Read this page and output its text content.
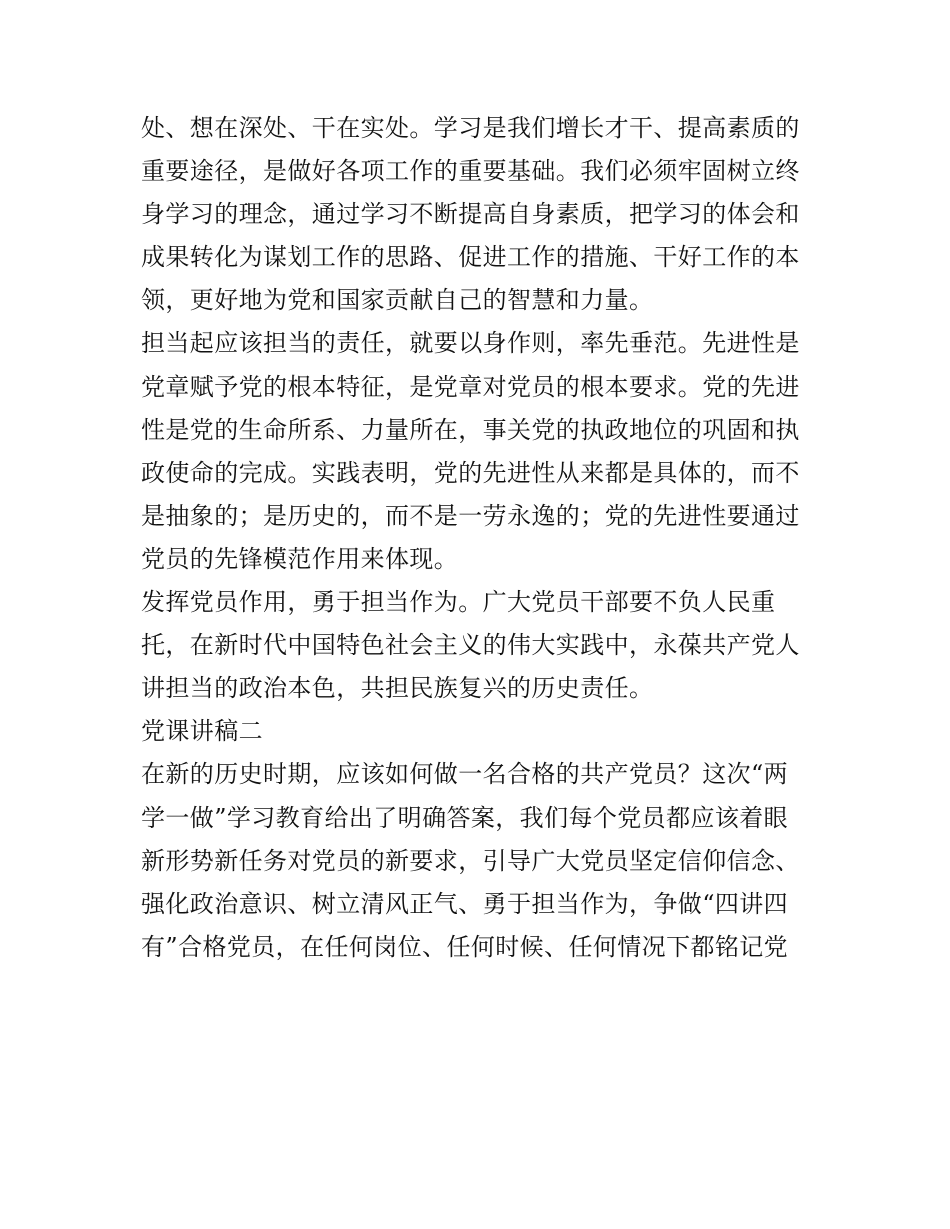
处、想在深处、干在实处。学习是我们增长才干、提高素质的
重要途径，是做好各项工作的重要基础。我们必须牢固树立终
身学习的理念，通过学习不断提高自身素质，把学习的体会和
成果转化为谋划工作的思路、促进工作的措施、干好工作的本
领，更好地为党和国家贡献自己的智慧和力量。
担当起应该担当的责任，就要以身作则，率先垂范。先进性是
党章赋予党的根本特征，是党章对党员的根本要求。党的先进
性是党的生命所系、力量所在，事关党的执政地位的巩固和执
政使命的完成。实践表明，党的先进性从来都是具体的，而不
是抽象的；是历史的，而不是一劳永逸的；党的先进性要通过
党员的先锋模范作用来体现。
发挥党员作用，勇于担当作为。广大党员干部要不负人民重
托，在新时代中国特色社会主义的伟大实践中，永葆共产党人
讲担当的政治本色，共担民族复兴的历史责任。
党课讲稿二
在新的历史时期，应该如何做一名合格的共产党员？这次“两
学一做”学习教育给出了明确答案，我们每个党员都应该着眼
新形势新任务对党员的新要求，引导广大党员坚定信仰信念、
强化政治意识、树立清风正气、勇于担当作为，争做“四讲四
有”合格党员，在任何岗位、任何时候、任何情况下都铭记党
